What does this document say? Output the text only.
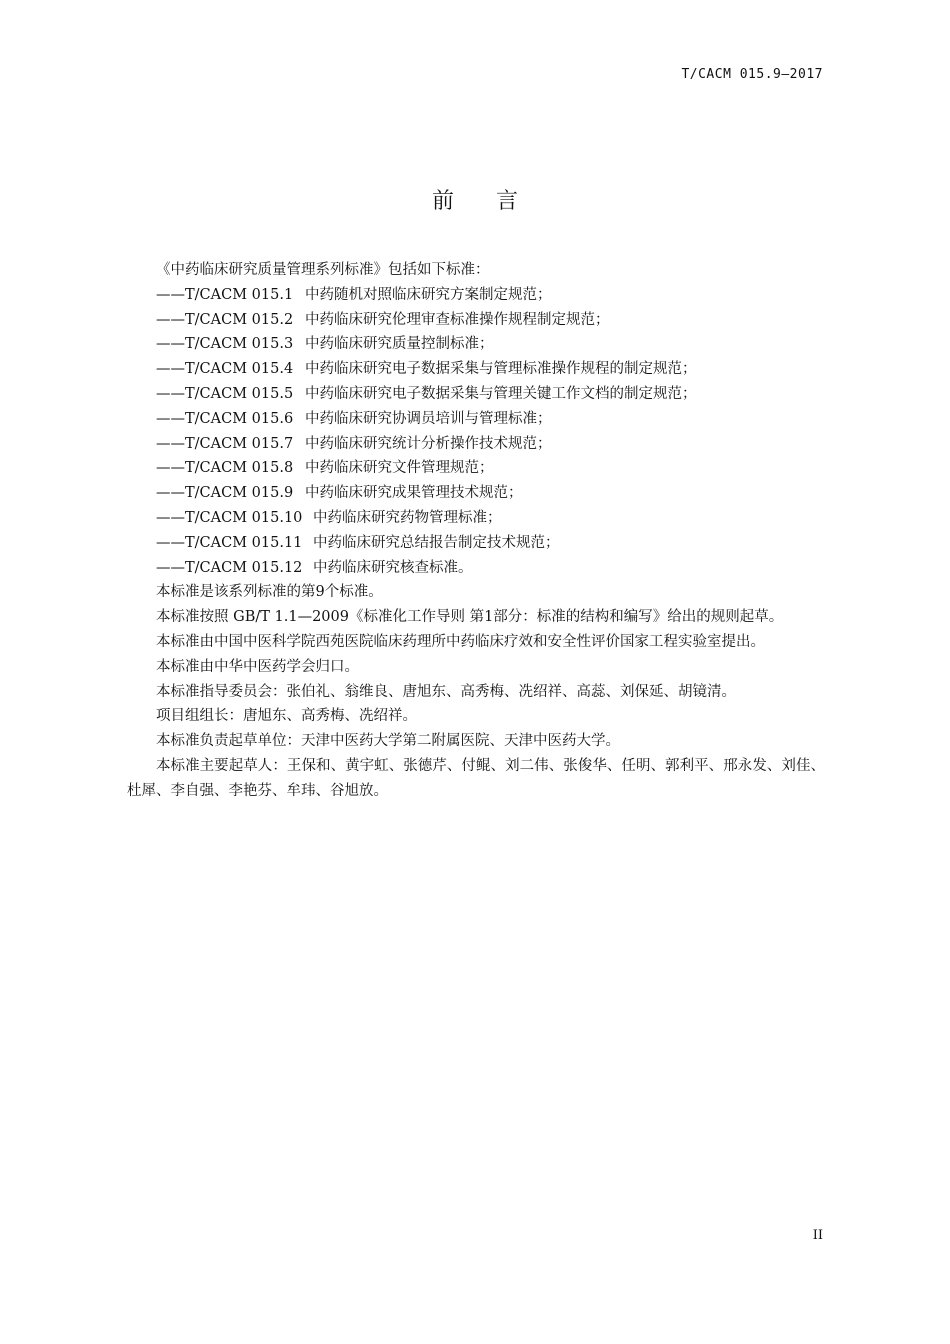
T/CACM 015.9—2017
前言

《中药临床研究质量管理系列标准》包括如下标准：

——T/CACM 015.1 中药随机对照临床研究方案制定规范；
——T/CACM 015.2 中药临床研究伦理审查标准操作规程制定规范；
——T/CACM 015.3 中药临床研究质量控制标准；
——T/CACM 015.4 中药临床研究电子数据采集与管理标准操作规程的制定规范；
——T/CACM 015.5 中药临床研究电子数据采集与管理关键工作文档的制定规范；
——T/CACM 015.6 中药临床研究协调员培训与管理标准；
——T/CACM 015.7 中药临床研究统计分析操作技术规范；
——T/CACM 015.8 中药临床研究文件管理规范；
——T/CACM 015.9 中药临床研究成果管理技术规范；
——T/CACM 015.10 中药临床研究药物管理标准；
——T/CACM 015.11 中药临床研究总结报告制定技术规范；
——T/CACM 015.12 中药临床研究核查标准。

本标准是该系列标准的第9个标准。

本标准按照 GB/T 1.1—2009《标准化工作导则 第1部分：标准的结构和编写》给出的规则起草。

本标准由中国中医科学院西苑医院临床药理所中药临床疗效和安全性评价国家工程实验室提出。

本标准由中华中医药学会归口。

本标准指导委员会：张伯礼、翁维良、唐旭东、高秀梅、冼绍祥、高蕊、刘保延、胡镜清。

项目组组长：唐旭东、高秀梅、冼绍祥。

本标准负责起草单位：天津中医药大学第二附属医院、天津中医药大学。

本标准主要起草人：王保和、黄宇虹、张德芹、付鲲、刘二伟、张俊华、任明、郭利平、邢永发、刘佳、杜犀、李自强、李艳芬、牟玮、谷旭放。

II
